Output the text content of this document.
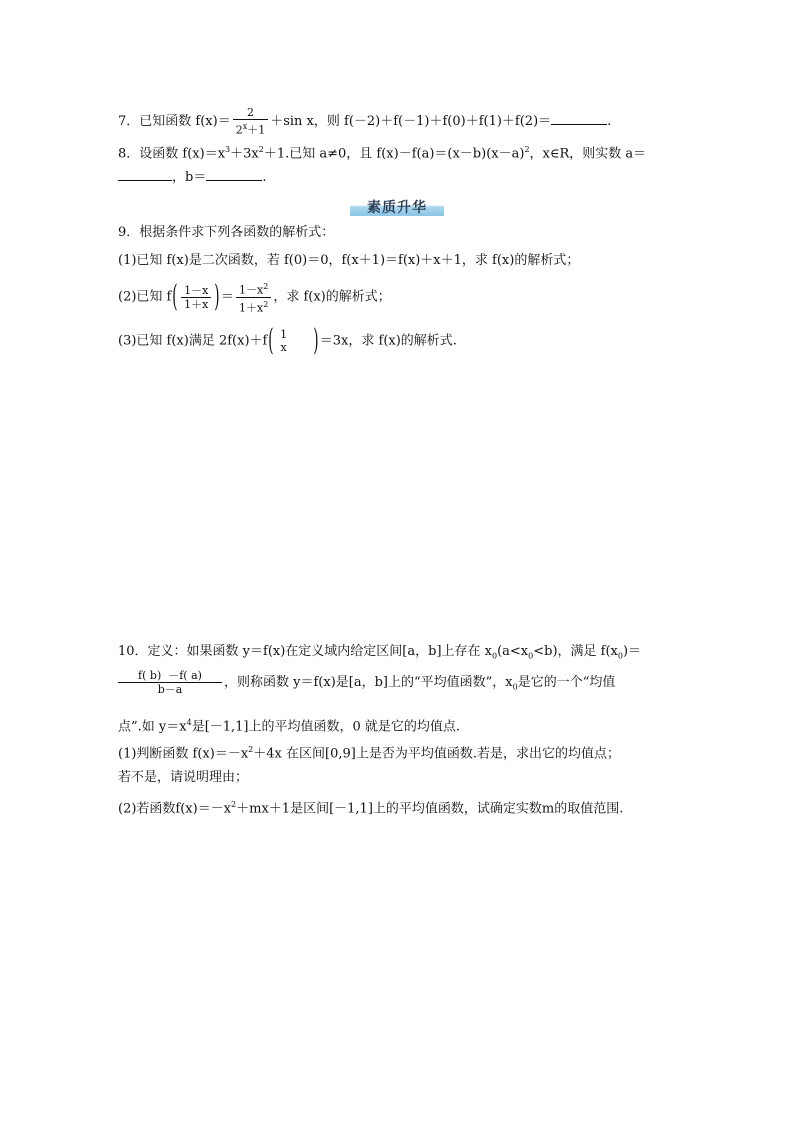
7．已知函数 $f(x)= \frac{2}{2^x+1} +\sin$ x，则 f(－2)＋f(－1)＋f(0)＋f(1)＋f(2)＝	.
8．设函数 $f(x)=x^3+3x^2+1$.已知 a≠0，且 $f(x)-f(a)=(x-b)(x-a)^2$，x∈R，则实数 a＝
，b＝	.
素质升华
9．根据条件求下列各函数的解析式：
(1)已知 f(x)是二次函数，若 f(0)＝0，f(x＋1)＝f(x)＋x＋1，求 f(x)的解析式；
(2)已知 $f( \frac{1-x}{1+x}$ )＝ $\frac{1-x^2}{1+x^2}$ ，求 f(x)的解析式；
(3)已知 f(x)满足 2f(x)＋f( 1
x )＝3x，求 f(x)的解析式.
10．定义：如果函数 y＝f(x)在定义域内给定区间[a，b]上存在 $x_0(a<x_0<b)$，满足 $f(x_0)=$
$\frac{f( b) -f( a)}{b-a}$ ，则称函数 y＝f(x)是[a，b]上的“平均值函数”，$x_0$是它的一个“均值
点”.如 $y=x^4$是[－1,1]上的平均值函数，0 就是它的均值点.
(1)判断函数 $f(x)=-x^2+4x$ 在区间[0,9]上是否为平均值函数.若是，求出它的均值点；
若不是，请说明理由；
(2)若函数$f(x)=-x^2+mx+1$是区间[－1,1]上的平均值函数，试确定实数m的取值范围.
